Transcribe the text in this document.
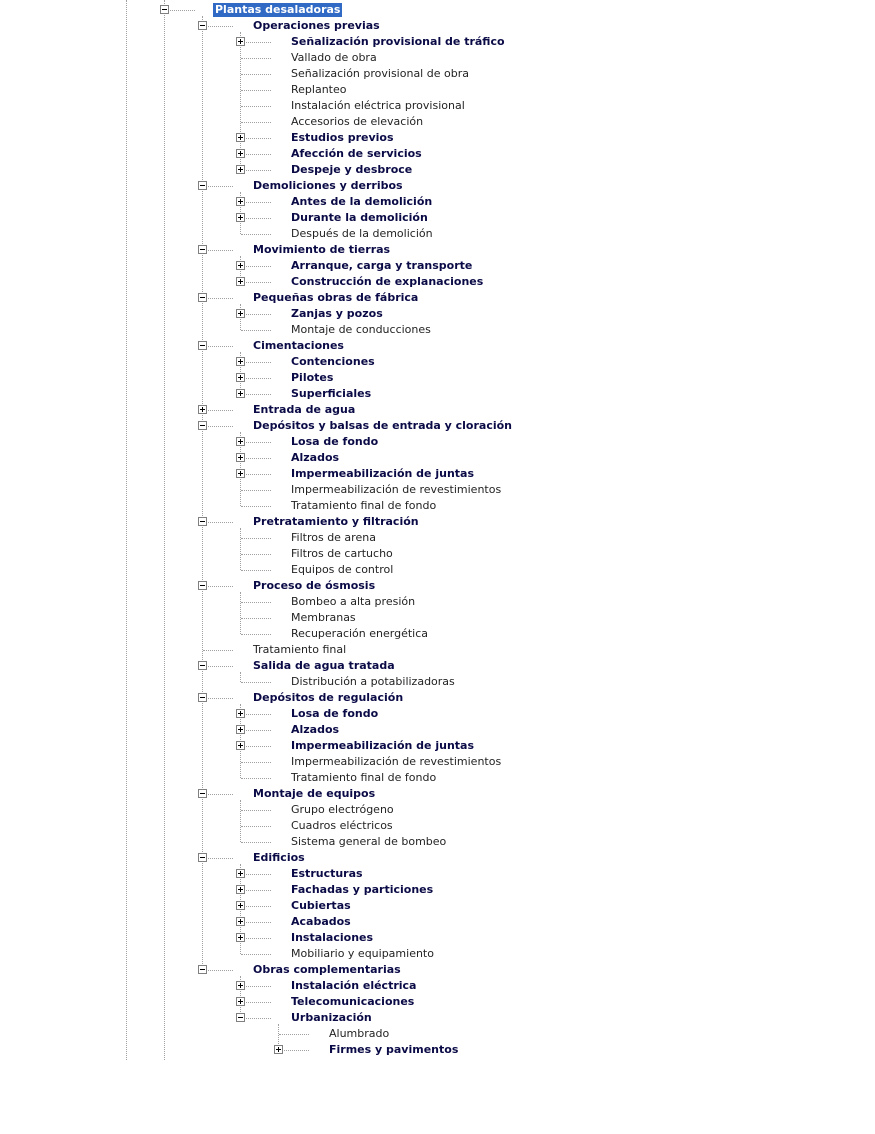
Plantas desaladoras
Operaciones previas
Señalización provisional de tráfico
Vallado de obra
Señalización provisional de obra
Replanteo
Instalación eléctrica provisional
Accesorios de elevación
Estudios previos
Afección de servicios
Despeje y desbroce
Demoliciones y derribos
Antes de la demolición
Durante la demolición
Después de la demolición
Movimiento de tierras
Arranque, carga y transporte
Construcción de explanaciones
Pequeñas obras de fábrica
Zanjas y pozos
Montaje de conducciones
Cimentaciones
Contenciones
Pilotes
Superficiales
Entrada de agua
Depósitos y balsas de entrada y cloración
Losa de fondo
Alzados
Impermeabilización de juntas
Impermeabilización de revestimientos
Tratamiento final de fondo
Pretratamiento y filtración
Filtros de arena
Filtros de cartucho
Equipos de control
Proceso de ósmosis
Bombeo a alta presión
Membranas
Recuperación energética
Tratamiento final
Salida de agua tratada
Distribución a potabilizadoras
Depósitos de regulación
Losa de fondo
Alzados
Impermeabilización de juntas
Impermeabilización de revestimientos
Tratamiento final de fondo
Montaje de equipos
Grupo electrógeno
Cuadros eléctricos
Sistema general de bombeo
Edificios
Estructuras
Fachadas y particiones
Cubiertas
Acabados
Instalaciones
Mobiliario y equipamiento
Obras complementarias
Instalación eléctrica
Telecomunicaciones
Urbanización
Alumbrado
Firmes y pavimentos
